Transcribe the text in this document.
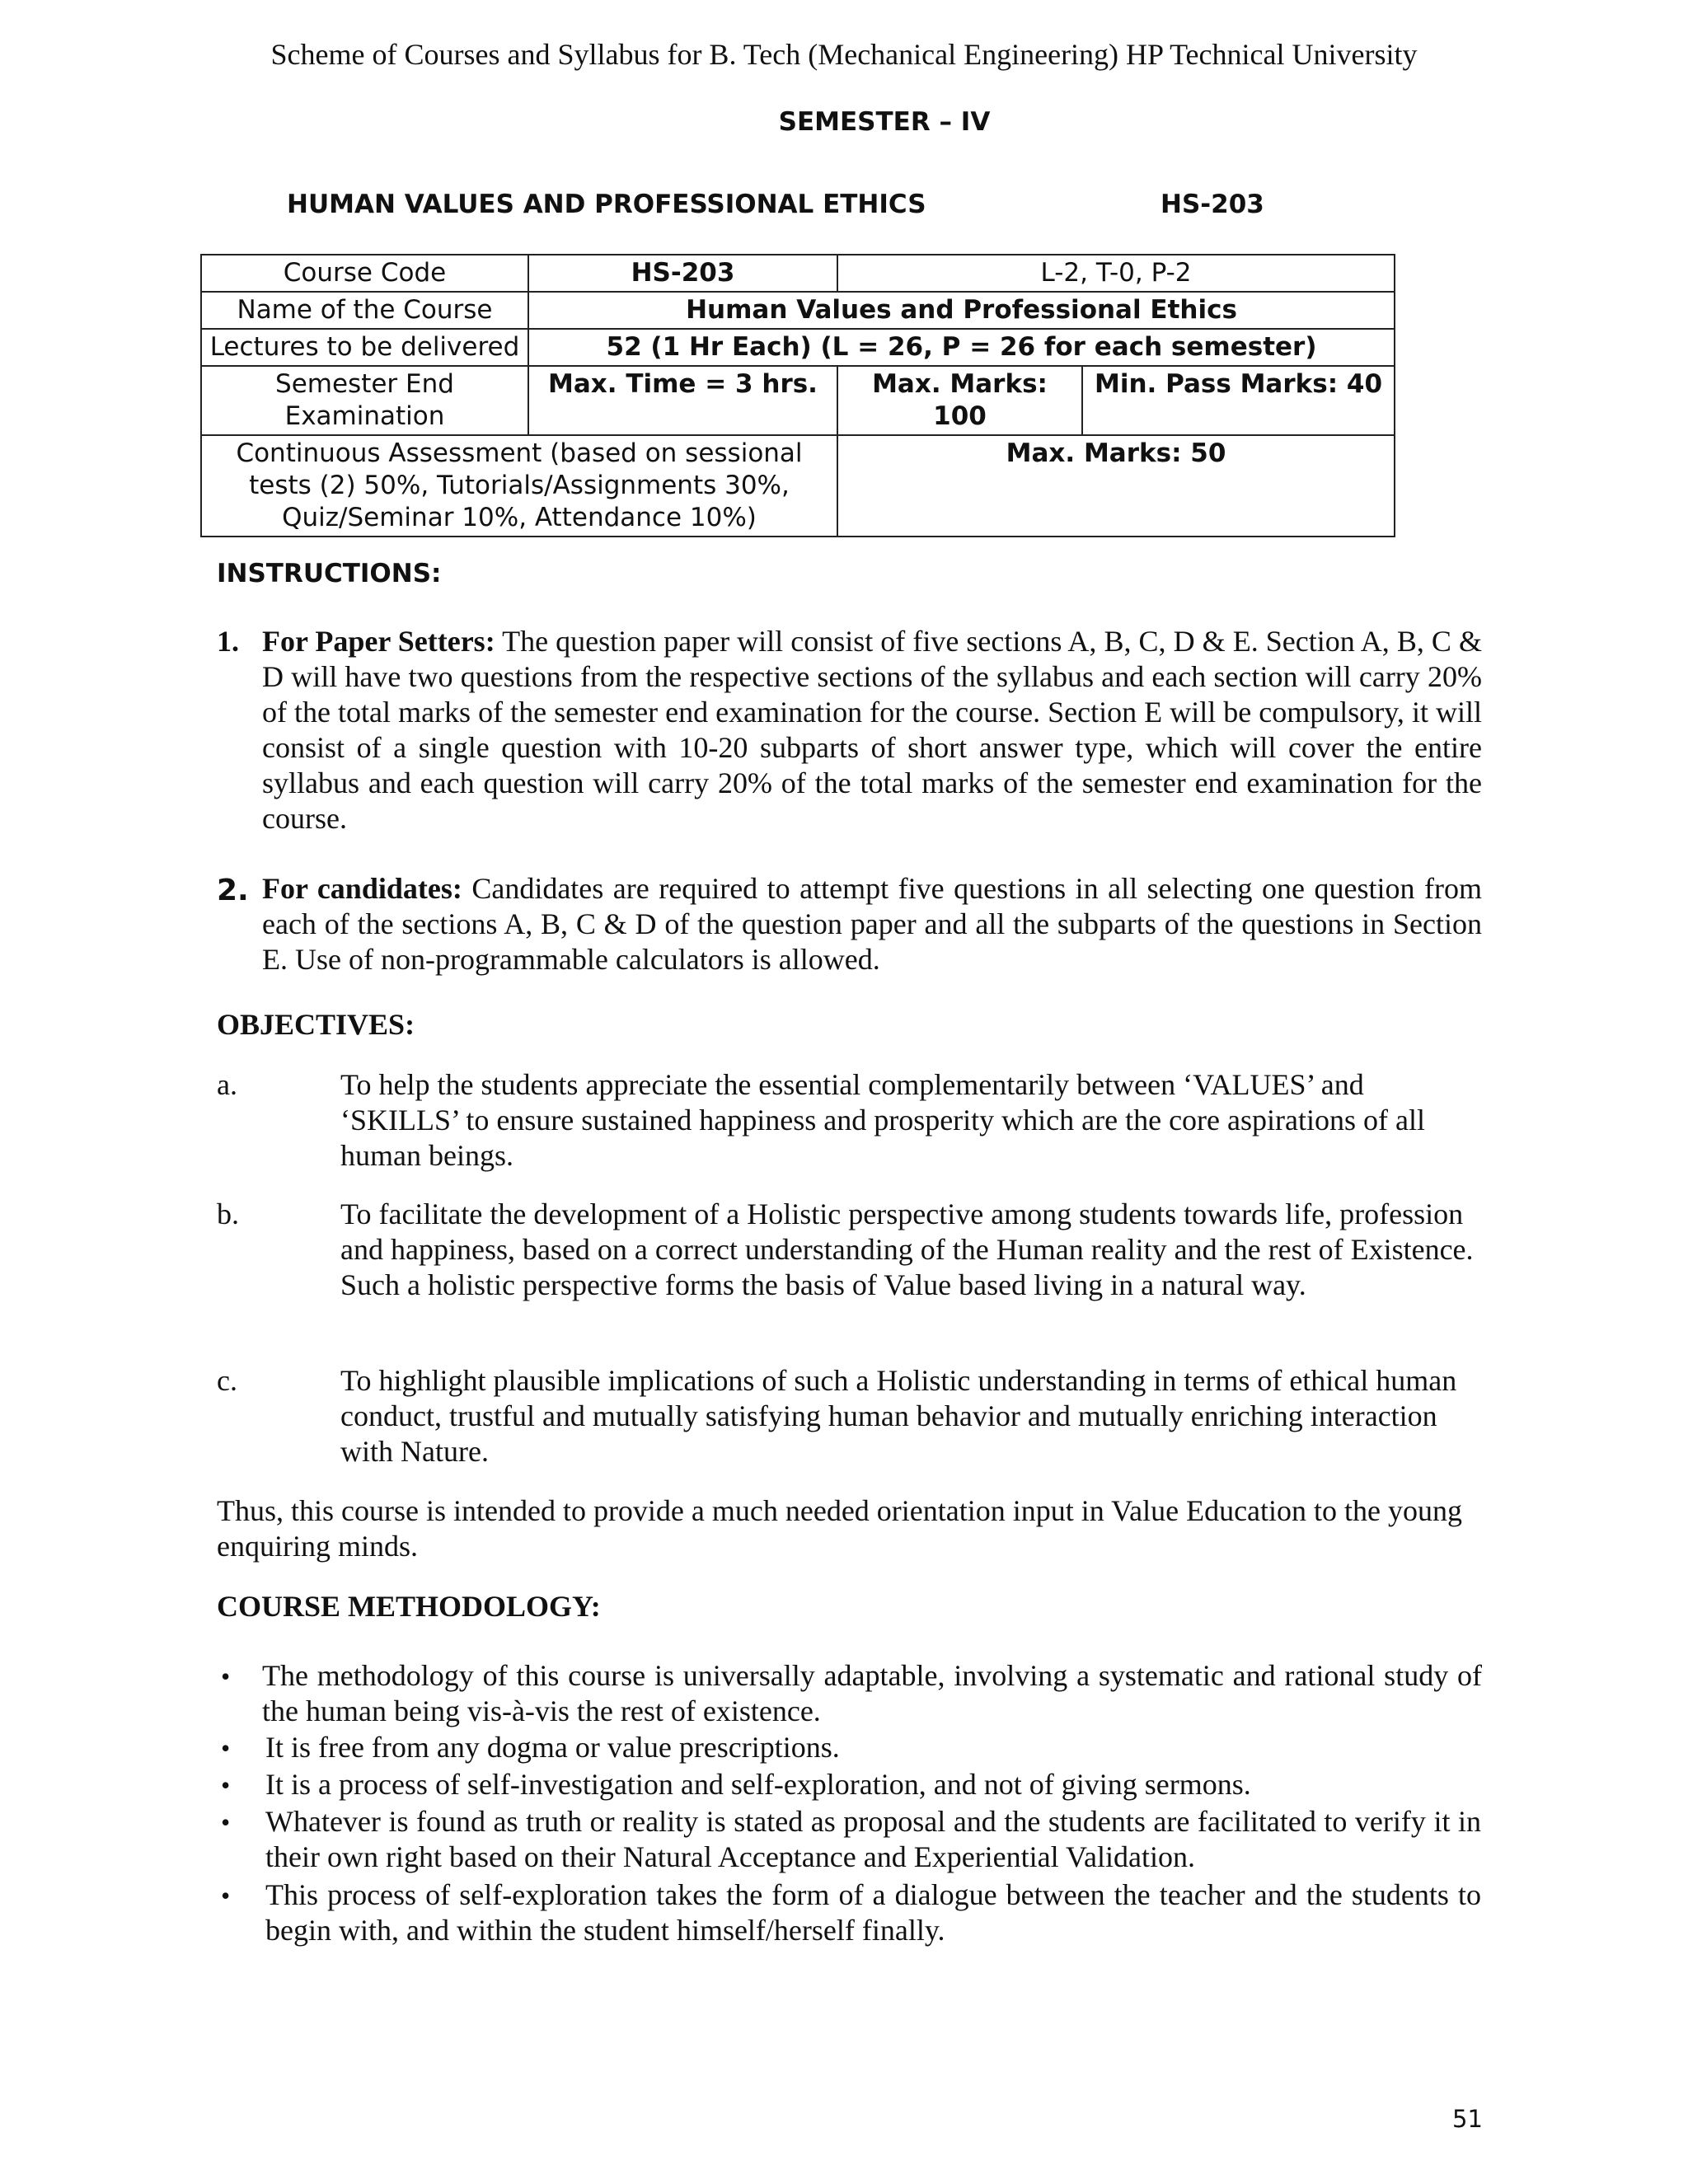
Scheme of Courses and Syllabus for B. Tech (Mechanical Engineering) HP Technical University
SEMESTER – IV
HUMAN VALUES AND PROFESSIONAL ETHICS	HS-203
Course Code	HS-203	L-2, T-0, P-2	
Name of the Course	Human Values and Professional Ethics		
Lectures to be delivered	52 (1 Hr Each) (L = 26, P = 26 for each semester)		
Semester End Examination	Max. Time = 3 hrs.	Max. Marks: 100	Min. Pass Marks: 40
Continuous Assessment (based on sessional tests (2) 50%, Tutorials/Assignments 30%, Quiz/Seminar 10%, Attendance 10%)		Max. Marks: 50	
INSTRUCTIONS:
1. For Paper Setters: The question paper will consist of five sections A, B, C, D & E. Section A, B, C & D will have two questions from the respective sections of the syllabus and each section will carry 20% of the total marks of the semester end examination for the course. Section E will be compulsory, it will consist of a single question with 10-20 subparts of short answer type, which will cover the entire syllabus and each question will carry 20% of the total marks of the semester end examination for the course.
2. For candidates: Candidates are required to attempt five questions in all selecting one question from each of the sections A, B, C & D of the question paper and all the subparts of the questions in Section E. Use of non-programmable calculators is allowed.
OBJECTIVES:
a.	To help the students appreciate the essential complementarily between ‘VALUES’ and ‘SKILLS’ to ensure sustained happiness and prosperity which are the core aspirations of all human beings.
b.	To facilitate the development of a Holistic perspective among students towards life, profession and happiness, based on a correct understanding of the Human reality and the rest of Existence. Such a holistic perspective forms the basis of Value based living in a natural way.
c.	To highlight plausible implications of such a Holistic understanding in terms of ethical human conduct, trustful and mutually satisfying human behavior and mutually enriching interaction with Nature.
Thus, this course is intended to provide a much needed orientation input in Value Education to the young enquiring minds.
COURSE METHODOLOGY:
• The methodology of this course is universally adaptable, involving a systematic and rational study of the human being vis-à-vis the rest of existence.
• It is free from any dogma or value prescriptions.
• It is a process of self-investigation and self-exploration, and not of giving sermons.
• Whatever is found as truth or reality is stated as proposal and the students are facilitated to verify it in their own right based on their Natural Acceptance and Experiential Validation.
• This process of self-exploration takes the form of a dialogue between the teacher and the students to begin with, and within the student himself/herself finally.
51
